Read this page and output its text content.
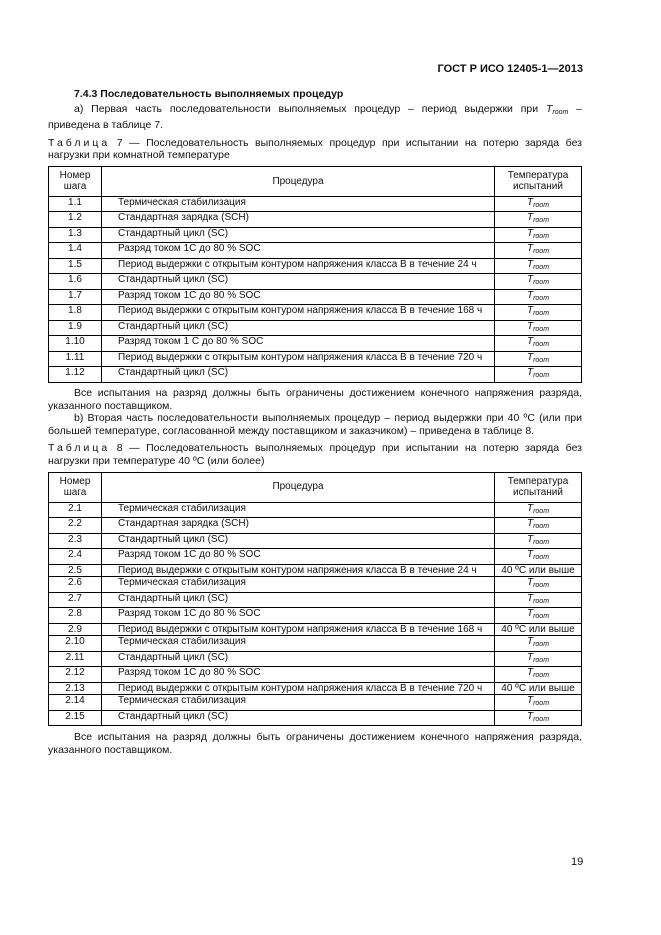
ГОСТ Р ИСО 12405-1—2013
7.4.3 Последовательность выполняемых процедур

а) Первая часть последовательности выполняемых процедур – период выдержки при $T_{room}$ – приведена в таблице 7.

Таблица 7 — Последовательность выполняемых процедур при испытании на потерю заряда без нагрузки при комнатной температуре

Номер шага	Процедура	Температура испытаний
1.1	Термическая стабилизация	$T_{room}$
1.2	Стандартная зарядка (SCH)	$T_{room}$
1.3	Стандартный цикл (SC)	$T_{room}$
1.4	Разряд током 1С до 80 % SOC	$T_{room}$
1.5	Период выдержки с открытым контуром напряжения класса В в течение 24 ч	$T_{room}$
1.6	Стандартный цикл (SC)	$T_{room}$
1.7	Разряд током 1С до 80 % SOC	$T_{room}$
1.8	Период выдержки с открытым контуром напряжения класса В в течение 168 ч	$T_{room}$
1.9	Стандартный цикл (SC)	$T_{room}$
1.10	Разряд током 1 С до 80 % SOC	$T_{room}$
1.11	Период выдержки с открытым контуром напряжения класса В в течение 720 ч	$T_{room}$
1.12	Стандартный цикл (SC)	$T_{room}$

Все испытания на разряд должны быть ограничены достижением конечного напряжения разряда, указанного поставщиком.

b) Вторая часть последовательности выполняемых процедур – период выдержки при 40 ºС (или при большей температуре, согласованной между поставщиком и заказчиком) – приведена в таблице 8.

Таблица 8 — Последовательность выполняемых процедур при испытании на потерю заряда без нагрузки при температуре 40 ºС (или более)

Номер шага	Процедура	Температура испытаний
2.1	Термическая стабилизация	$T_{room}$
2.2	Стандартная зарядка (SCH)	$T_{room}$
2.3	Стандартный цикл (SC)	$T_{room}$
2.4	Разряд током 1С до 80 % SOC	$T_{room}$
2.5	Период выдержки с открытым контуром напряжения класса В в течение 24 ч	40 ºС или выше
2.6	Термическая стабилизация	$T_{room}$
2.7	Стандартный цикл (SC)	$T_{room}$
2.8	Разряд током 1С до 80 % SOC	$T_{room}$
2.9	Период выдержки с открытым контуром напряжения класса В в течение 168 ч	40 ºС или выше
2.10	Термическая стабилизация	$T_{room}$
2.11	Стандартный цикл (SC)	$T_{room}$
2.12	Разряд током 1С до 80 % SOC	$T_{room}$
2.13	Период выдержки с открытым контуром напряжения класса В в течение 720 ч	40 ºС или выше
2.14	Термическая стабилизация	$T_{room}$
2.15	Стандартный цикл (SC)	$T_{room}$

Все испытания на разряд должны быть ограничены достижением конечного напряжения разряда, указанного поставщиком.

19
